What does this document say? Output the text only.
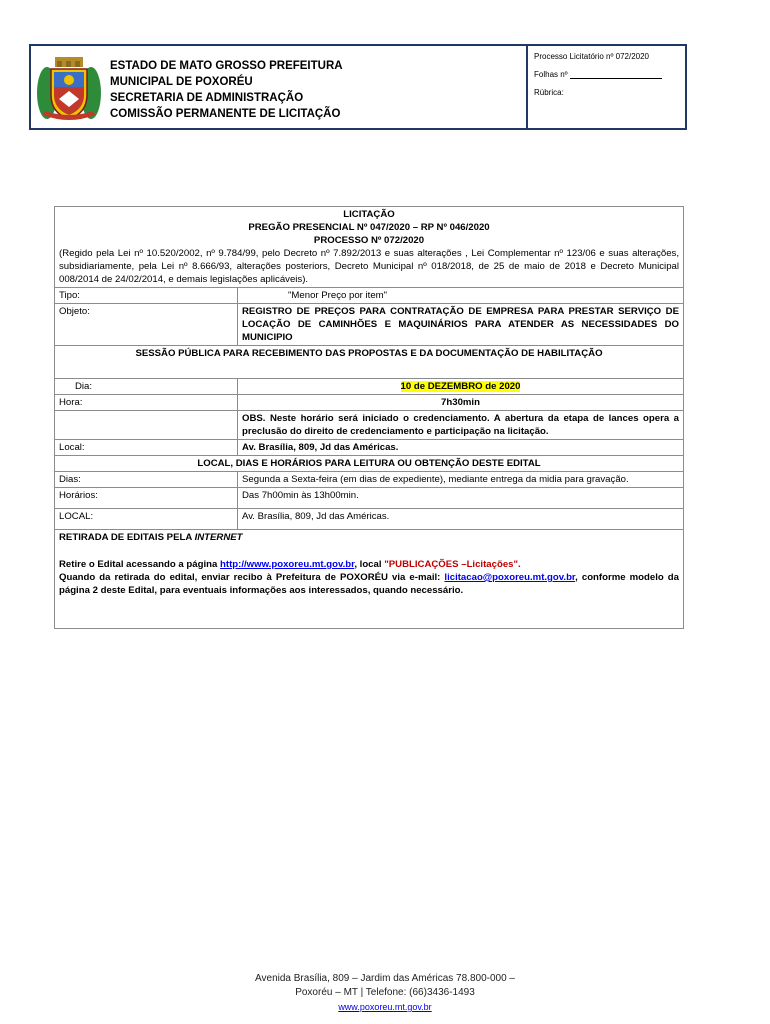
ESTADO DE MATO GROSSO PREFEITURA
MUNICIPAL DE POXORÉU
SECRETARIA DE ADMINISTRAÇÃO
COMISSÃO PERMANENTE DE LICITAÇÃO
Processo Licitatório nº 072/2020
Folhas nº
Rúbrica:
LICITAÇÃO
PREGÃO PRESENCIAL Nº 047/2020 – RP Nº 046/2020
PROCESSO Nº 072/2020
(Regido pela Lei nº 10.520/2002, nº 9.784/99, pelo Decreto nº 7.892/2013 e suas alterações , Lei Complementar nº 123/06 e suas alterações, subsidiariamente, pela Lei nº 8.666/93, alterações posteriors, Decreto Municipal nº 018/2018, de 25 de maio de 2018 e Decreto Municipal 008/2014 de 24/02/2014, e demais legislações aplicáveis).	

Tipo:	"Menor Preço por item"
Objeto:	REGISTRO DE PREÇOS PARA CONTRATAÇÃO DE EMPRESA PARA PRESTAR SERVIÇO DE LOCAÇÃO DE CAMINHÕES E MAQUINÁRIOS PARA ATENDER AS NECESSIDADES DO MUNICIPIO
SESSÃO PÚBLICA PARA RECEBIMENTO DAS PROPOSTAS E DA DOCUMENTAÇÃO DE HABILITAÇÃO	
Dia:	10 de DEZEMBRO de 2020
Hora:	7h30min
	OBS. Neste horário será iniciado o credenciamento. A abertura da etapa de lances opera a preclusão do direito de credenciamento e participação na licitação.
Local:	Av. Brasília, 809, Jd das Américas.
LOCAL, DIAS E HORÁRIOS PARA LEITURA OU OBTENÇÃO DESTE EDITAL	
Dias:	Segunda a Sexta-feira (em dias de expediente), mediante entrega da midia para gravação.
Horários:	Das 7h00min às 13h00min.
LOCAL:	Av. Brasília, 809, Jd das Américas.

RETIRADA DE EDITAIS PELA INTERNET
Retire o Edital acessando a página http://www.poxoreu.mt.gov.br, local "PUBLICAÇÕES –Licitações".
Quando da retirada do edital, enviar recibo à Prefeitura de POXORÉU via e-mail: licitacao@poxoreu.mt.gov.br, conforme modelo da página 2 deste Edital, para eventuais informações aos interessados, quando necessário.	
Avenida Brasília, 809 – Jardim das Américas 78.800-000 –
Poxoréu – MT | Telefone: (66)3436-1493
www.poxoreu.mt.gov.br
